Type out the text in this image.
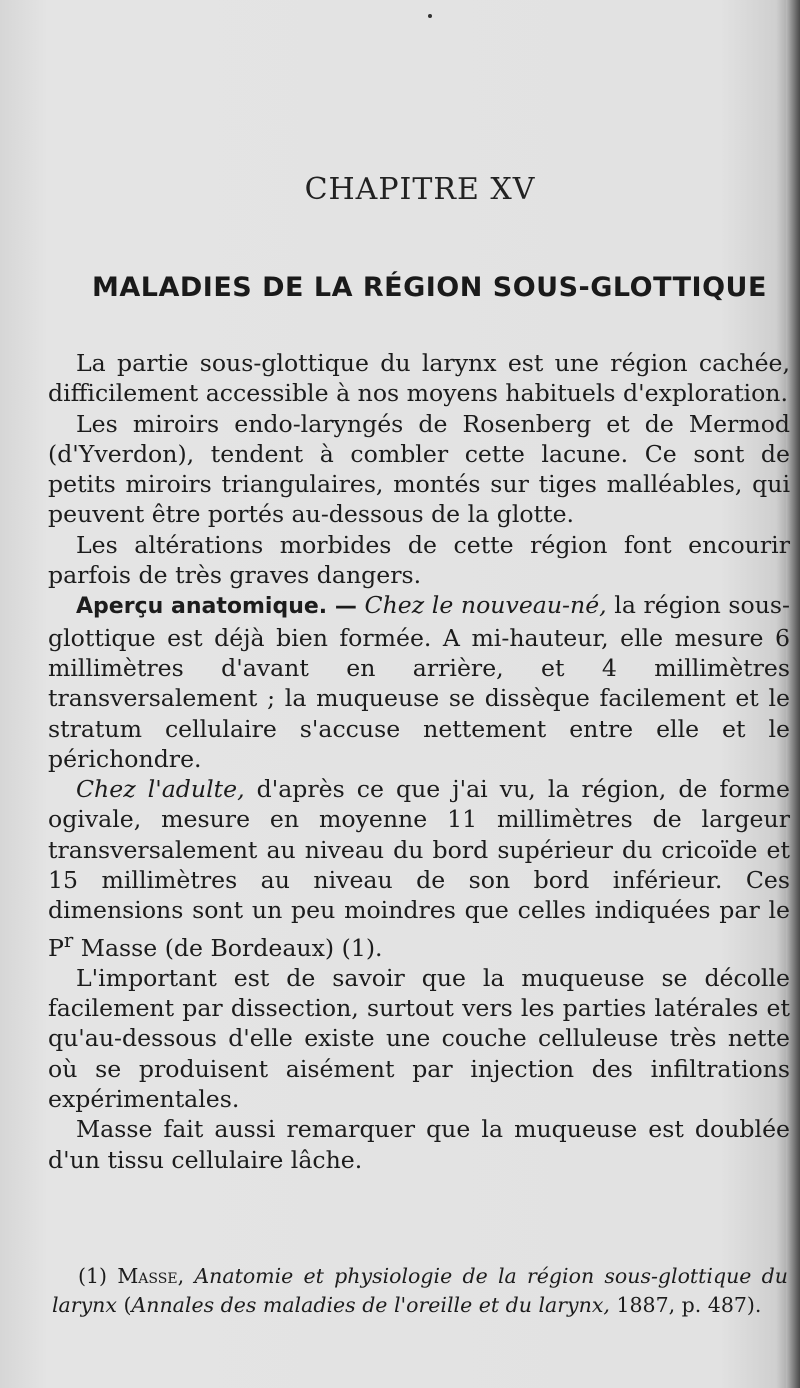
CHAPITRE XV
MALADIES DE LA RÉGION SOUS-GLOTTIQUE

La partie sous-glottique du larynx est une région cachée, difficilement accessible à nos moyens habituels d'exploration.

Les miroirs endo-laryngés de Rosenberg et de Mermod (d'Yverdon), tendent à combler cette lacune. Ce sont de petits miroirs triangulaires, montés sur tiges malléables, qui peuvent être portés au-dessous de la glotte.

Les altérations morbides de cette région font encourir parfois de très graves dangers.

Aperçu anatomique. — Chez le nouveau-né, la région sous-glottique est déjà bien formée. A mi-hauteur, elle mesure 6 millimètres d'avant en arrière, et 4 millimètres transversalement ; la muqueuse se dissèque facilement et le stratum cellulaire s'accuse nettement entre elle et le périchondre.

Chez l'adulte, d'après ce que j'ai vu, la région, de forme ogivale, mesure en moyenne 11 millimètres de largeur transversalement au niveau du bord supérieur du cricoïde et 15 millimètres au niveau de son bord inférieur. Ces dimensions sont un peu moindres que celles indiquées par le $P^r$ Masse (de Bordeaux) (1).

L'important est de savoir que la muqueuse se décolle facilement par dissection, surtout vers les parties latérales et qu'au-dessous d'elle existe une couche celluleuse très nette où se produisent aisément par injection des infiltrations expérimentales.

Masse fait aussi remarquer que la muqueuse est doublée d'un tissu cellulaire lâche.

(1) Masse, Anatomie et physiologie de la région sous-glottique du larynx (Annales des maladies de l'oreille et du larynx, 1887, p. 487).
